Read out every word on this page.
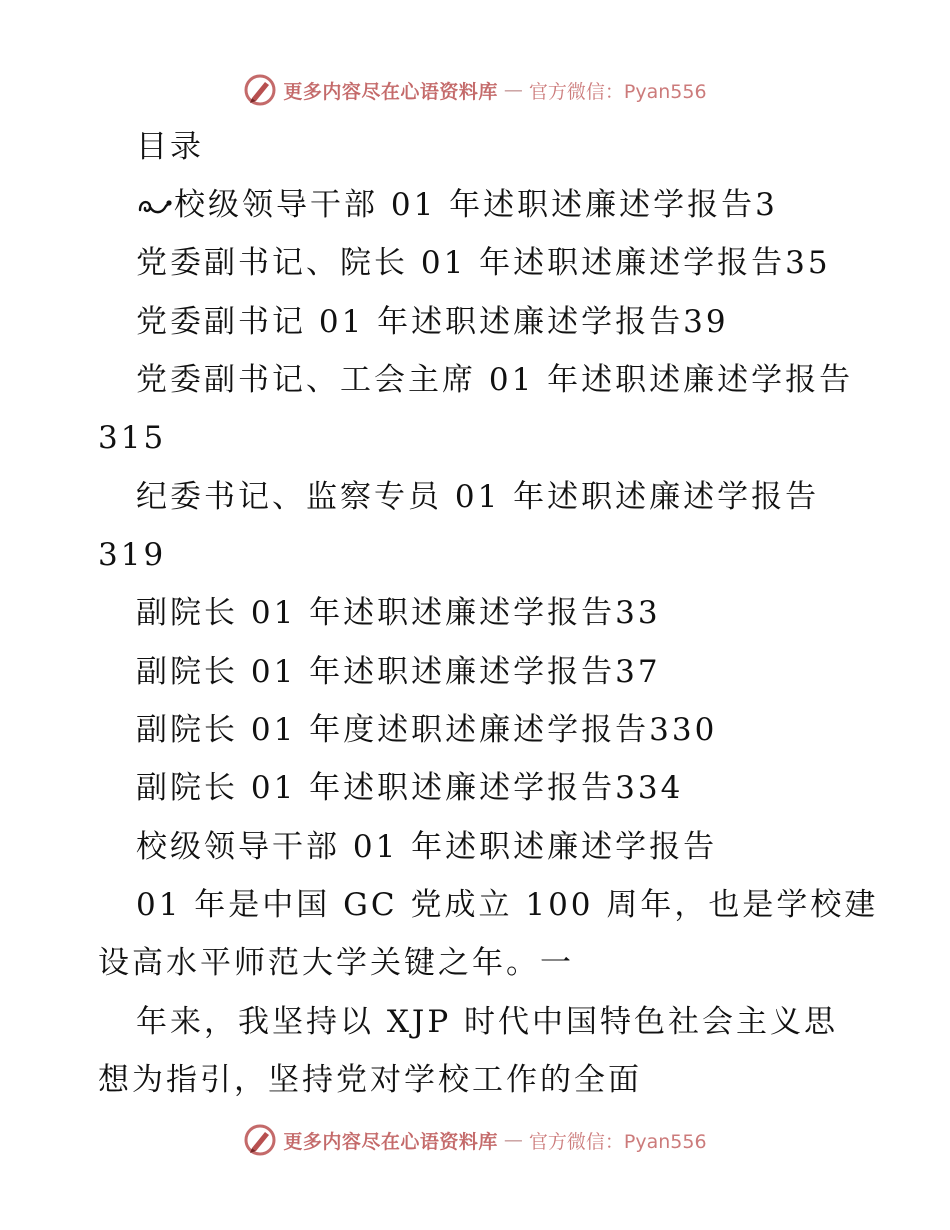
更多内容尽在心语资料库 — 官方微信：Pyan556
目录
校级领导干部 01 年述职述廉述学报告3
党委副书记、院长 01 年述职述廉述学报告35
党委副书记 01 年述职述廉述学报告39
党委副书记、工会主席 01 年述职述廉述学报告
315
纪委书记、监察专员 01 年述职述廉述学报告
319
副院长 01 年述职述廉述学报告33
副院长 01 年述职述廉述学报告37
副院长 01 年度述职述廉述学报告330
副院长 01 年述职述廉述学报告334
校级领导干部 01 年述职述廉述学报告
01 年是中国 GC 党成立 100 周年，也是学校建
设高水平师范大学关键之年。一
年来，我坚持以 XJP 时代中国特色社会主义思
想为指引，坚持党对学校工作的全面
更多内容尽在心语资料库 — 官方微信：Pyan556
